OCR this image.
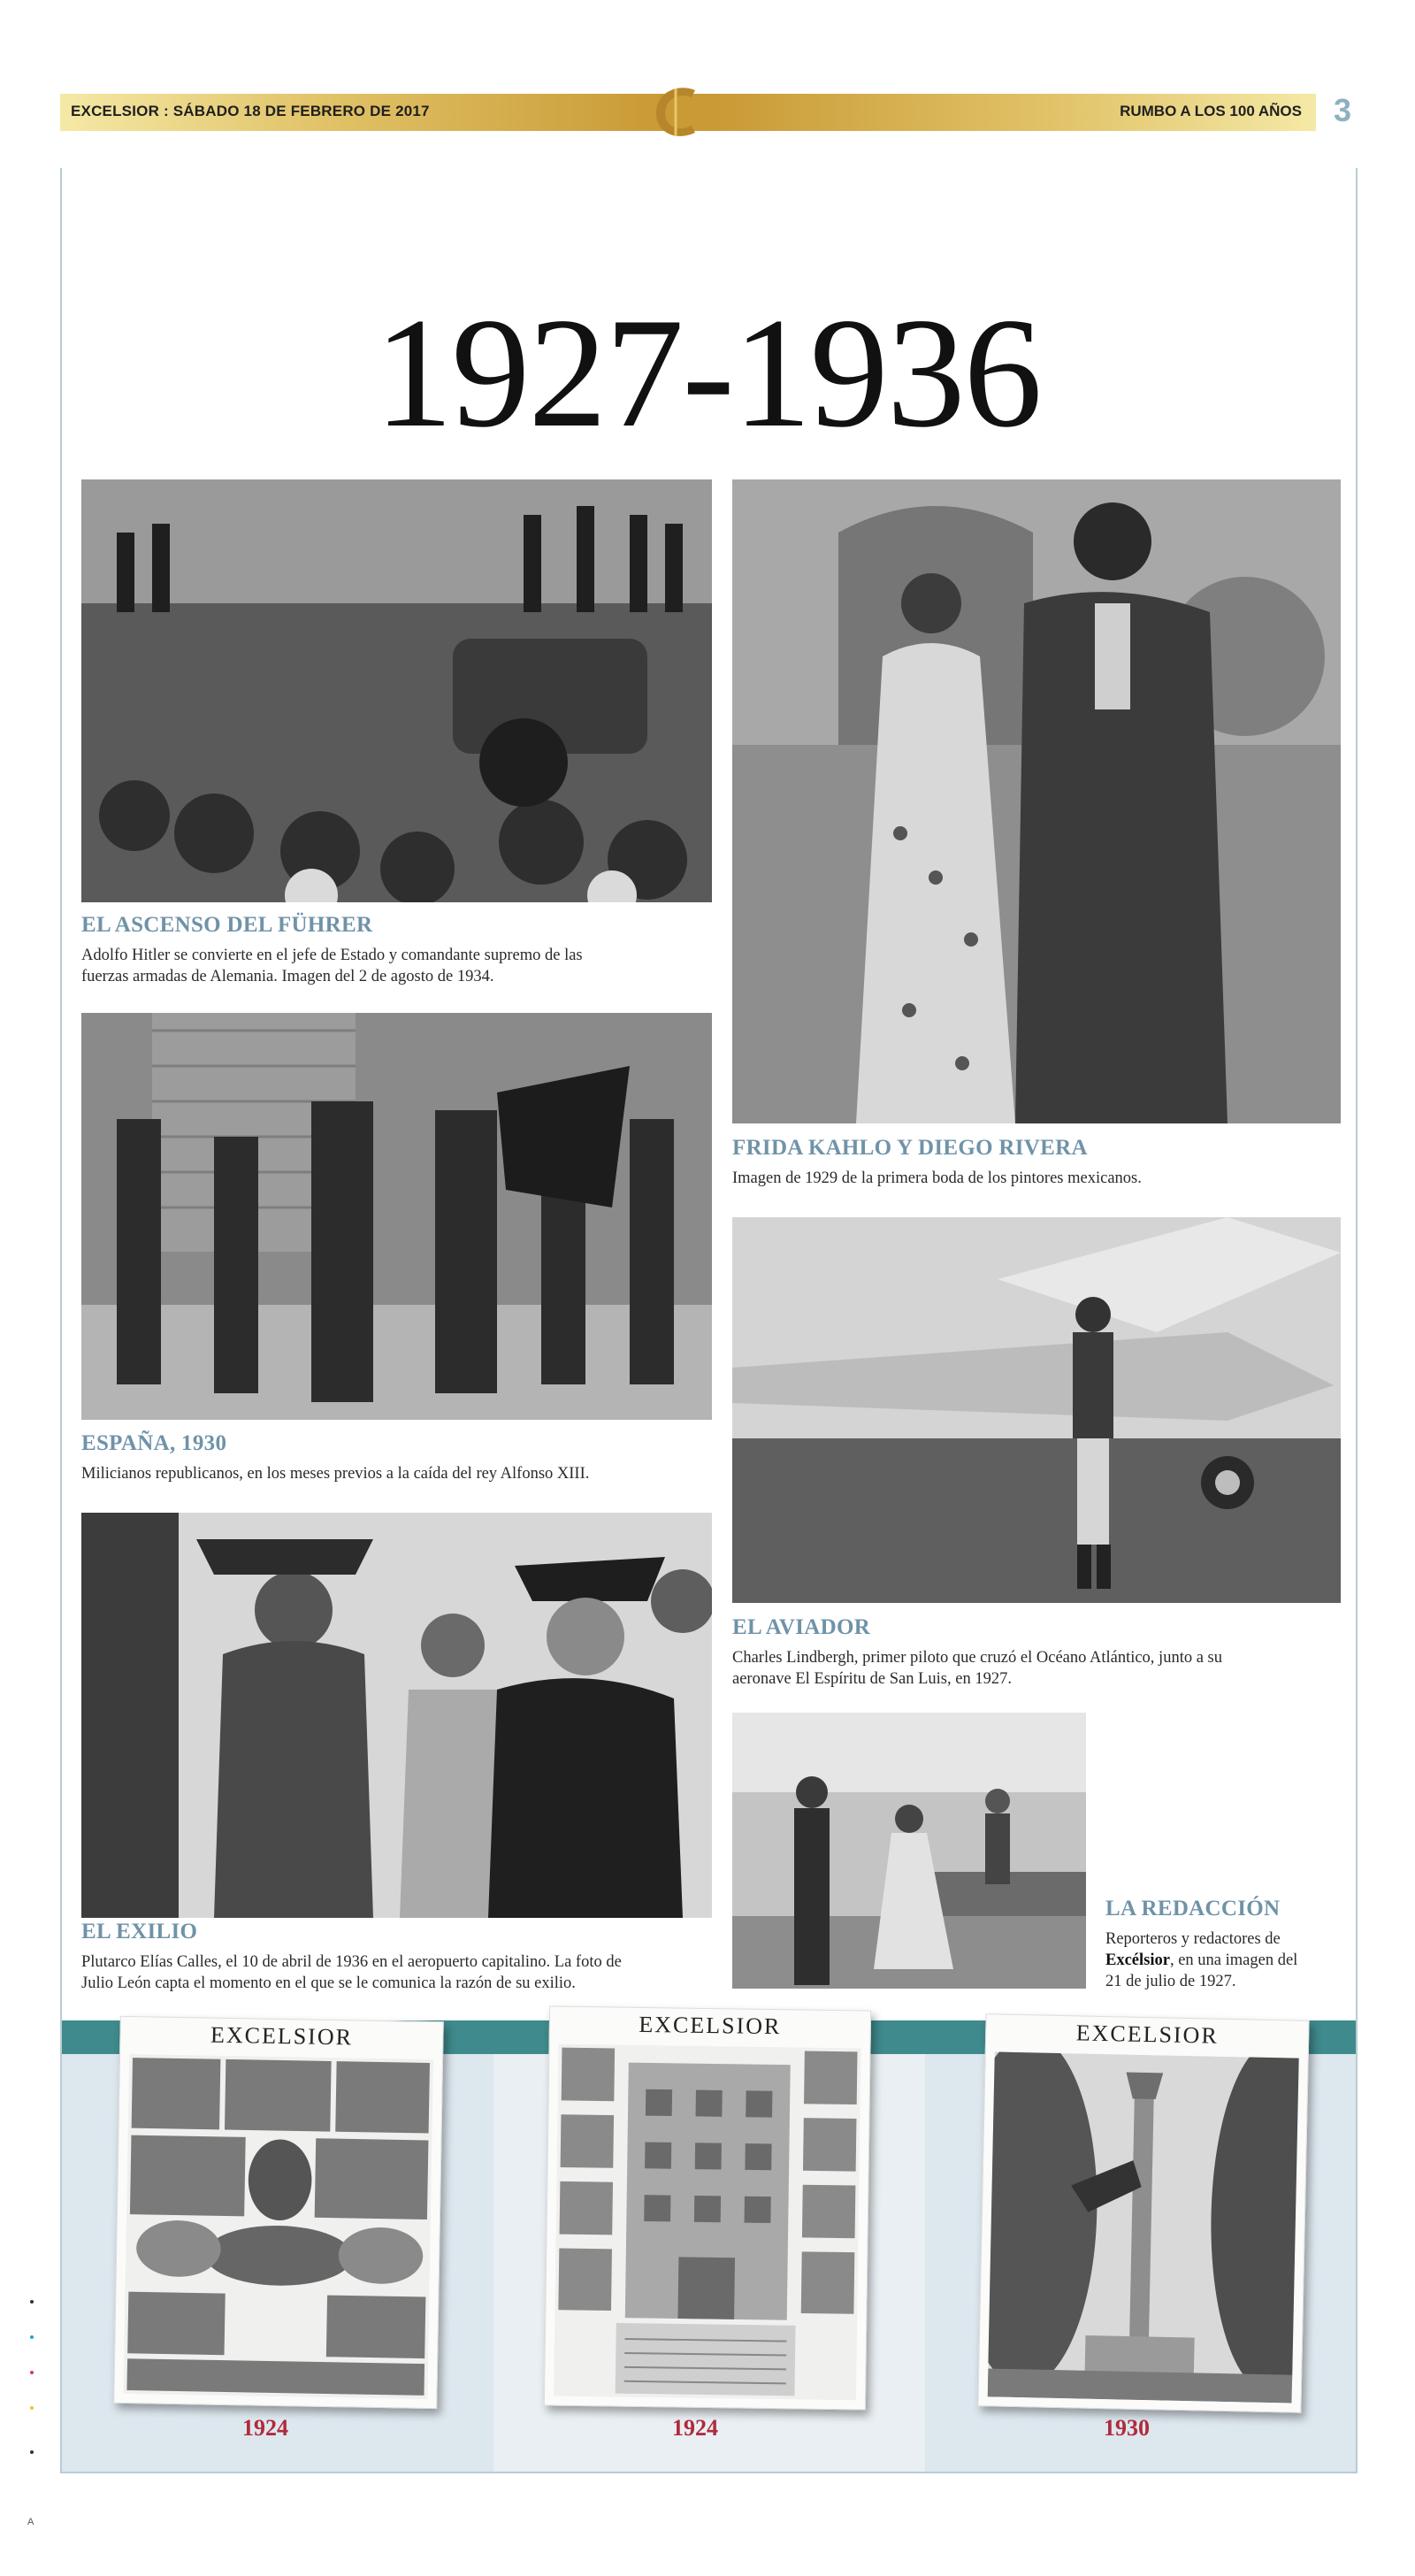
EXCELSIOR : SÁBADO 18 DE FEBRERO DE 2017	RUMBO A LOS 100 AÑOS 3
1927-1936
EL ASCENSO DEL FÜHRER
Adolfo Hitler se convierte en el jefe de Estado y comandante supremo de las
fuerzas armadas de Alemania. Imagen del 2 de agosto de 1934.
FRIDA KAHLO Y DIEGO RIVERA
Imagen de 1929 de la primera boda de los pintores mexicanos.
ESPAÑA, 1930
Milicianos republicanos, en los meses previos a la caída del rey Alfonso XIII.
EL AVIADOR
Charles Lindbergh, primer piloto que cruzó el Océano Atlántico, junto a su
aeronave El Espíritu de San Luis, en 1927.
EL EXILIO
Plutarco Elías Calles, el 10 de abril de 1936 en el aeropuerto capitalino. La foto de
Julio León capta el momento en el que se le comunica la razón de su exilio.
LA REDACCIÓN
Reporteros y redactores de
Excélsior, en una imagen del
21 de julio de 1927.
EXCELSIOR
1924
EXCELSIOR
1924
EXCELSIOR
1930
A
